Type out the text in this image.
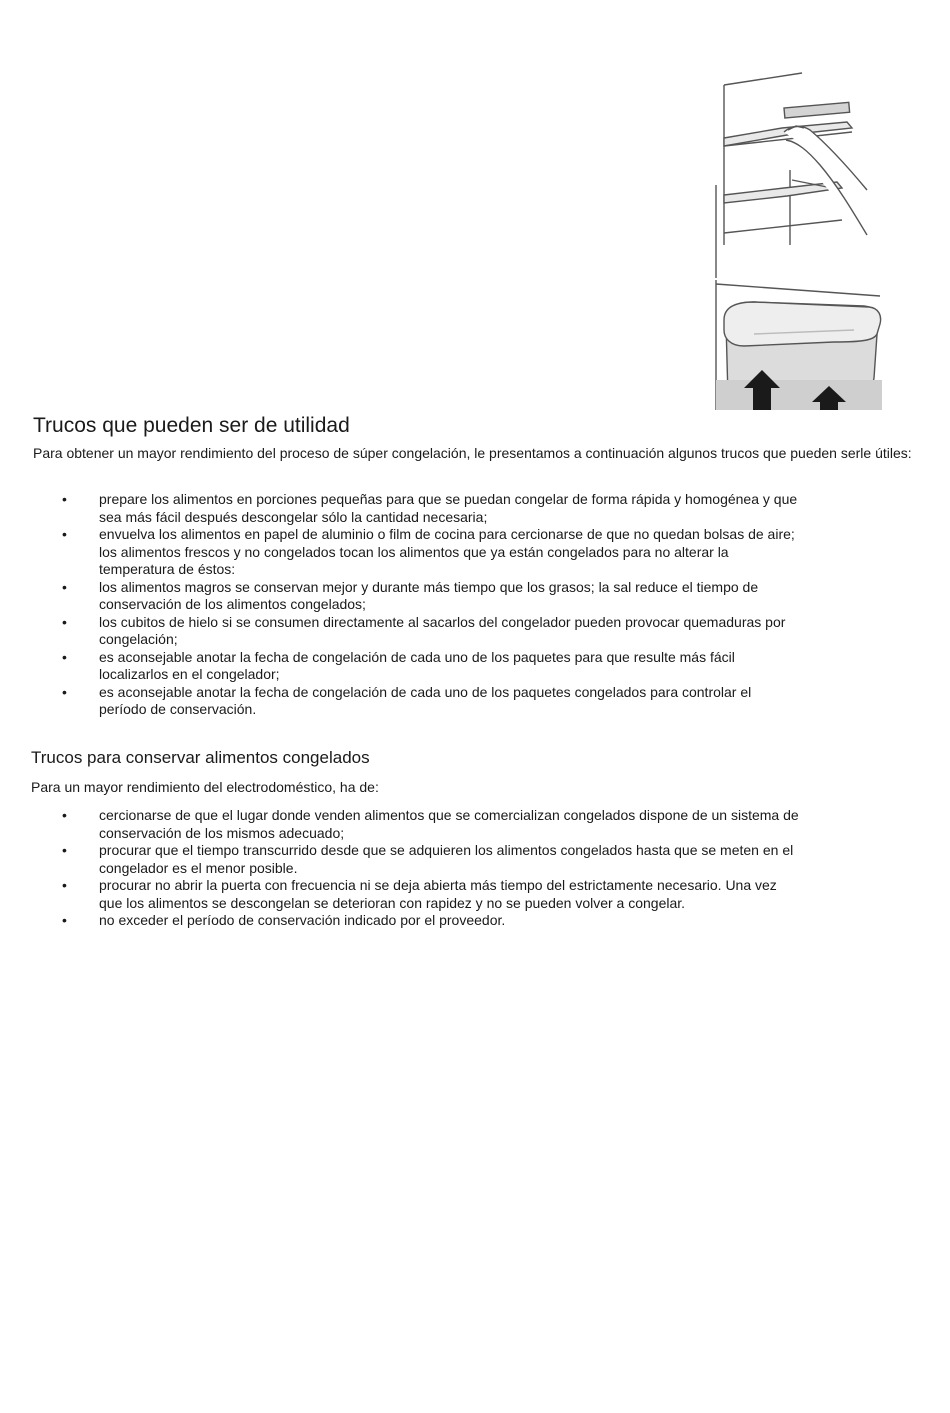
Trucos que pueden ser de utilidad

Para obtener un mayor rendimiento del proceso de súper congelación, le presentamos a continuación algunos trucos que pueden serle útiles:

• prepare los alimentos en porciones pequeñas para que se puedan congelar de forma rápida y homogénea y que sea más fácil después descongelar sólo la cantidad necesaria;
• envuelva los alimentos en papel de aluminio o film de cocina para cercionarse de que no quedan bolsas de aire; los alimentos frescos y no congelados tocan los alimentos que ya están congelados para no alterar la temperatura de éstos:
• los alimentos magros se conservan mejor y durante más tiempo que los grasos; la sal reduce el tiempo de conservación de los alimentos congelados;
• los cubitos de hielo si se consumen directamente al sacarlos del congelador pueden provocar quemaduras por congelación;
• es aconsejable anotar la fecha de congelación de cada uno de los paquetes para que resulte más fácil localizarlos en el congelador;
• es aconsejable anotar la fecha de congelación de cada uno de los paquetes congelados para controlar el período de conservación.
Trucos para conservar alimentos congelados

Para un mayor rendimiento del electrodoméstico, ha de:

• cercionarse de que el lugar donde venden alimentos que se comercializan congelados dispone de un sistema de conservación de los mismos adecuado;
• procurar que el tiempo transcurrido desde que se adquieren los alimentos congelados hasta que se meten en el congelador es el menor posible.
• procurar no abrir la puerta con frecuencia ni se deja abierta más tiempo del estrictamente necesario. Una vez que los alimentos se descongelan se deterioran con rapidez y no se pueden volver a congelar.
• no exceder el período de conservación indicado por el proveedor.
